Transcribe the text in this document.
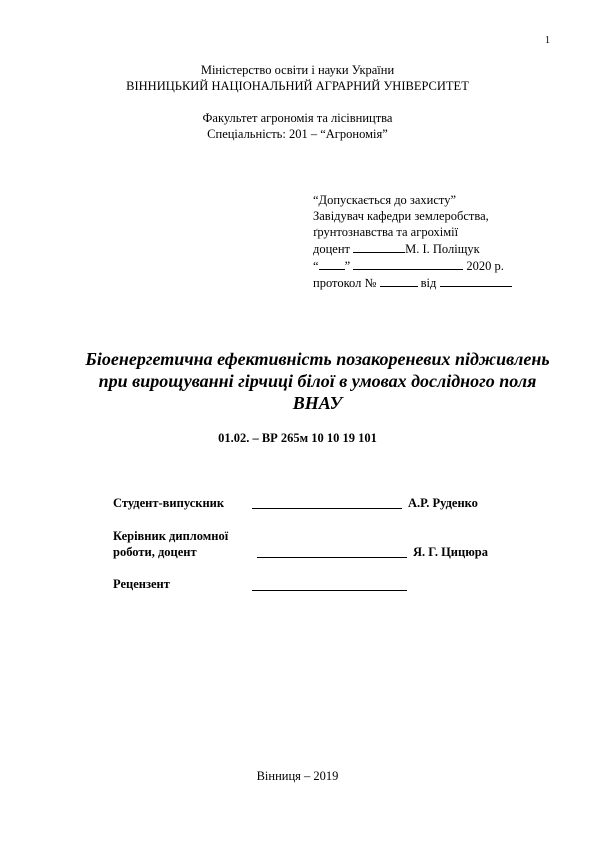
1
Міністерство освіти і науки України
ВІННИЦЬКИЙ НАЦІОНАЛЬНИЙ АГРАРНИЙ УНІВЕРСИТЕТ
Факультет агрономія та лісівництва
Спеціальність: 201 – “Агрономія”
“Допускається до захисту”
Завідувач кафедри землеробства,
ґрунтознавства та агрохімії
доцент	М. І. Поліщук
“ ”	2020 р.
протокол №	від
Біоенергетична ефективність позакореневих підживлень
при вирощуванні гірчиці білої в умовах дослідного поля
ВНАУ
01.02. – ВР 265м 10 10 19 101
Студент-випускник	А.Р. Руденко
Керівник дипломної
роботи, доцент	Я. Г. Цицюра
Рецензент
Вінниця – 2019
